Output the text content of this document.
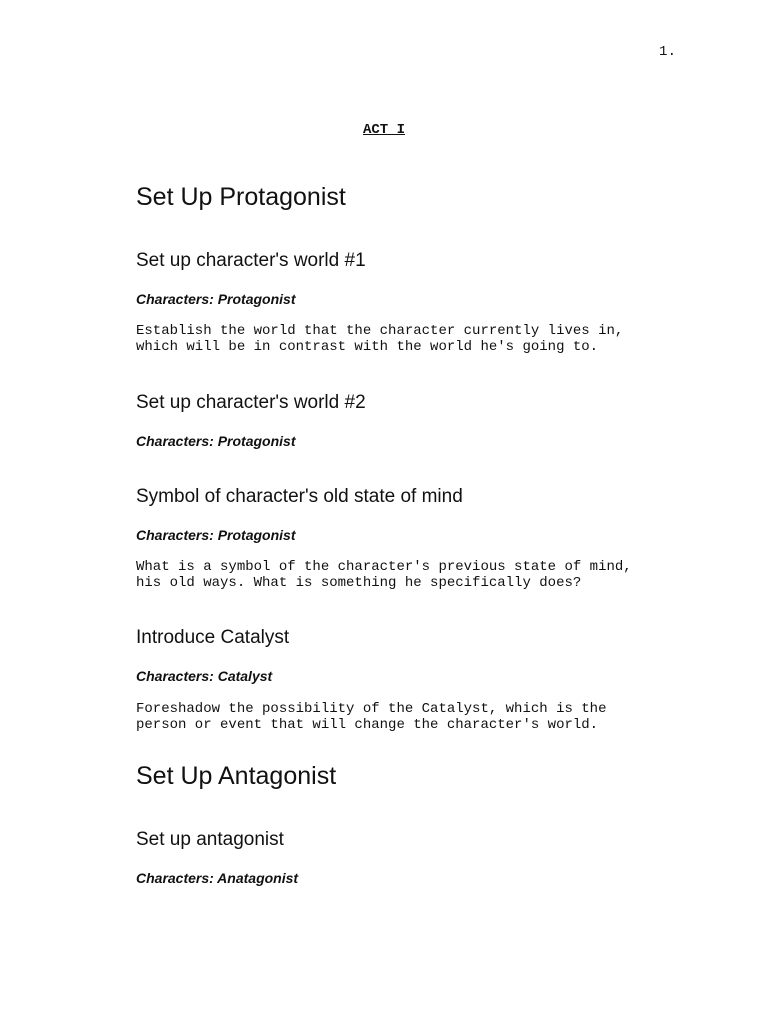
1.
ACT I
Set Up Protagonist
Set up character's world #1
Characters: Protagonist
Establish the world that the character currently lives in,
which will be in contrast with the world he's going to.
Set up character's world #2
Characters: Protagonist
Symbol of character's old state of mind
Characters: Protagonist
What is a symbol of the character's previous state of mind,
his old ways. What is something he specifically does?
Introduce Catalyst
Characters: Catalyst
Foreshadow the possibility of the Catalyst, which is the
person or event that will change the character's world.
Set Up Antagonist
Set up antagonist
Characters: Anatagonist
